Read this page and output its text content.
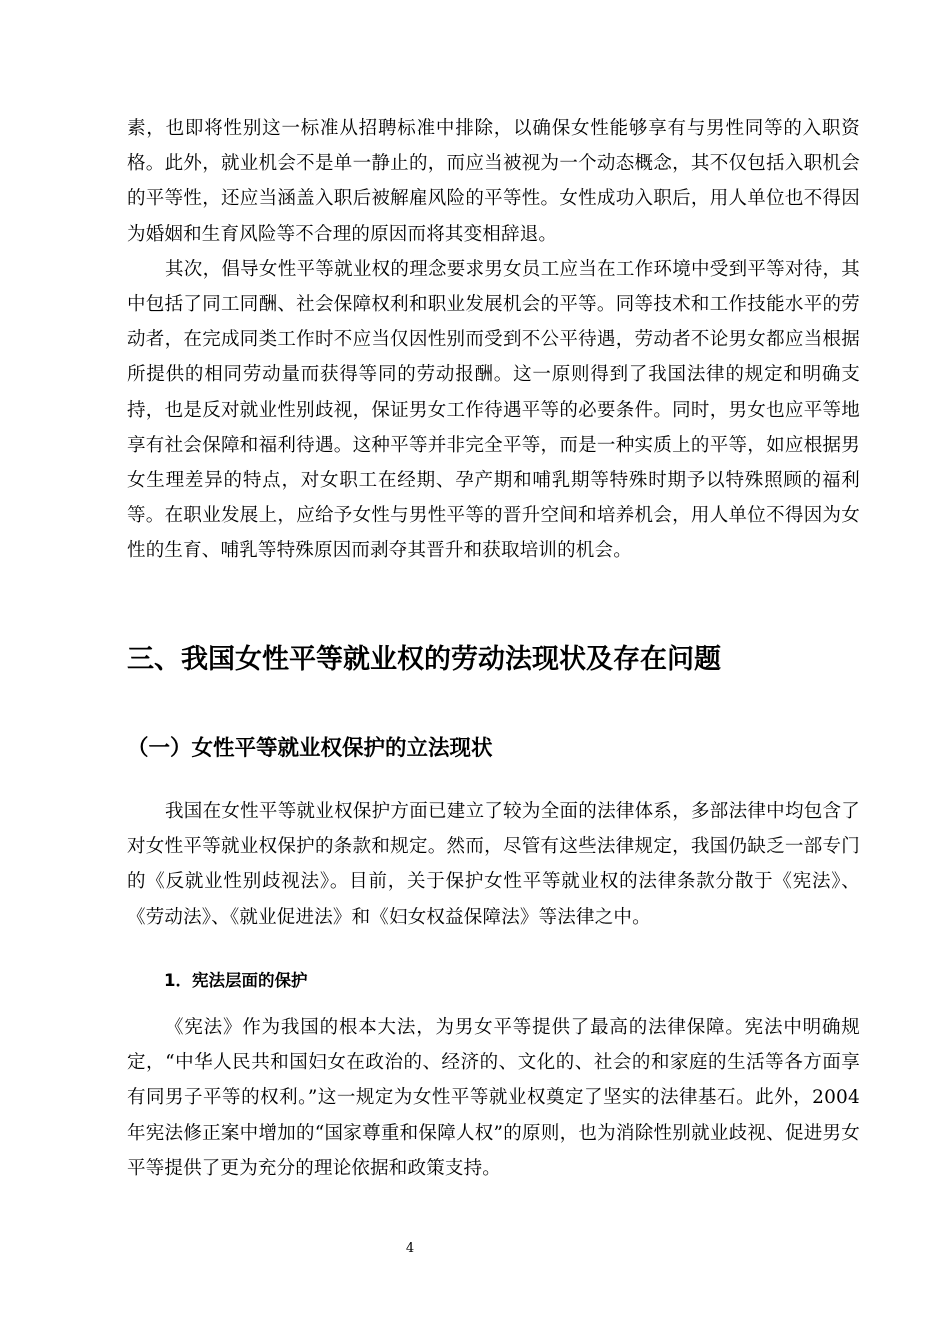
素，也即将性别这一标准从招聘标准中排除，以确保女性能够享有与男性同等的入职资格。此外，就业机会不是单一静止的，而应当被视为一个动态概念，其不仅包括入职机会的平等性，还应当涵盖入职后被解雇风险的平等性。女性成功入职后，用人单位也不得因为婚姻和生育风险等不合理的原因而将其变相辞退。

其次，倡导女性平等就业权的理念要求男女员工应当在工作环境中受到平等对待，其中包括了同工同酬、社会保障权利和职业发展机会的平等。同等技术和工作技能水平的劳动者，在完成同类工作时不应当仅因性别而受到不公平待遇，劳动者不论男女都应当根据所提供的相同劳动量而获得等同的劳动报酬。这一原则得到了我国法律的规定和明确支持，也是反对就业性别歧视，保证男女工作待遇平等的必要条件。同时，男女也应平等地享有社会保障和福利待遇。这种平等并非完全平等，而是一种实质上的平等，如应根据男女生理差异的特点，对女职工在经期、孕产期和哺乳期等特殊时期予以特殊照顾的福利等。在职业发展上，应给予女性与男性平等的晋升空间和培养机会，用人单位不得因为女性的生育、哺乳等特殊原因而剥夺其晋升和获取培训的机会。

三、我国女性平等就业权的劳动法现状及存在问题
（一）女性平等就业权保护的立法现状

我国在女性平等就业权保护方面已建立了较为全面的法律体系，多部法律中均包含了对女性平等就业权保护的条款和规定。然而，尽管有这些法律规定，我国仍缺乏一部专门的《反就业性别歧视法》。目前，关于保护女性平等就业权的法律条款分散于《宪法》、《劳动法》、《就业促进法》和《妇女权益保障法》等法律之中。

1．宪法层面的保护

《宪法》作为我国的根本大法，为男女平等提供了最高的法律保障。宪法中明确规定，“中华人民共和国妇女在政治的、经济的、文化的、社会的和家庭的生活等各方面享有同男子平等的权利。”这一规定为女性平等就业权奠定了坚实的法律基石。此外，2004年宪法修正案中增加的“国家尊重和保障人权”的原则，也为消除性别就业歧视、促进男女平等提供了更为充分的理论依据和政策支持。

4
